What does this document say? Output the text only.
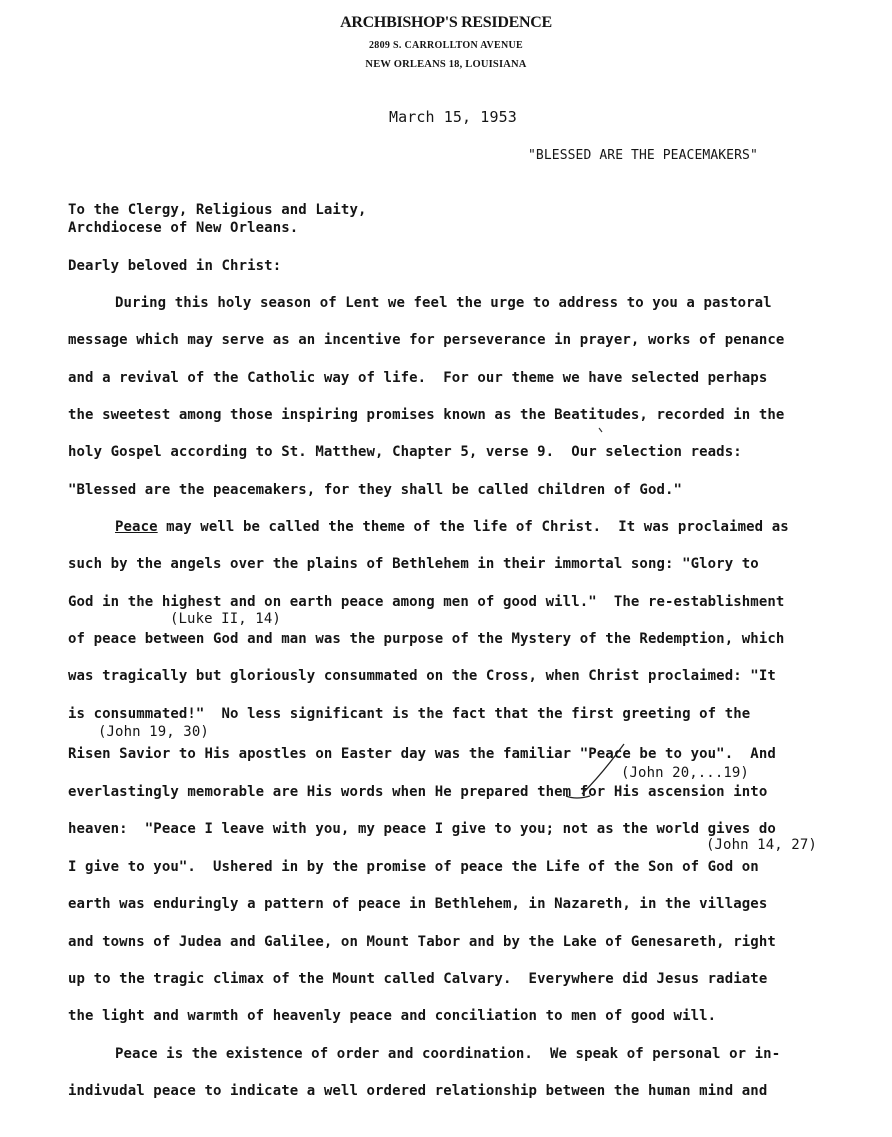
ARCHBISHOP'S RESIDENCE
2809 S. CARROLLTON AVENUE
NEW ORLEANS 18, LOUISIANA
March 15, 1953
"BLESSED ARE THE PEACEMAKERS"
To the Clergy, Religious and Laity,
Archdiocese of New Orleans.
Dearly beloved in Christ:
During this holy season of Lent we feel the urge to address to you a pastoral
message which may serve as an incentive for perseverance in prayer, works of penance
and a revival of the Catholic way of life.  For our theme we have selected perhaps
the sweetest among those inspiring promises known as the Beatitudes, recorded in the
holy Gospel according to St. Matthew, Chapter 5, verse 9.  Our selection reads:
"Blessed are the peacemakers, for they shall be called children of God."
Peace may well be called the theme of the life of Christ.  It was proclaimed as
such by the angels over the plains of Bethlehem in their immortal song: "Glory to
God in the highest and on earth peace among men of good will."  The re-establishment
(Luke II, 14)
of peace between God and man was the purpose of the Mystery of the Redemption, which
was tragically but gloriously consummated on the Cross, when Christ proclaimed: "It
is consummated!"  No less significant is the fact that the first greeting of the
(John 19, 30)
Risen Savior to His apostles on Easter day was the familiar "Peace be to you".  And
(John 20,...19)
everlastingly memorable are His words when He prepared them for His ascension into
heaven:  "Peace I leave with you, my peace I give to you; not as the world gives do
(John 14, 27)
I give to you".  Ushered in by the promise of peace the Life of the Son of God on
earth was enduringly a pattern of peace in Bethlehem, in Nazareth, in the villages
and towns of Judea and Galilee, on Mount Tabor and by the Lake of Genesareth, right
up to the tragic climax of the Mount called Calvary.  Everywhere did Jesus radiate
the light and warmth of heavenly peace and conciliation to men of good will.
Peace is the existence of order and coordination.  We speak of personal or in-
indivudal peace to indicate a well ordered relationship between the human mind and
